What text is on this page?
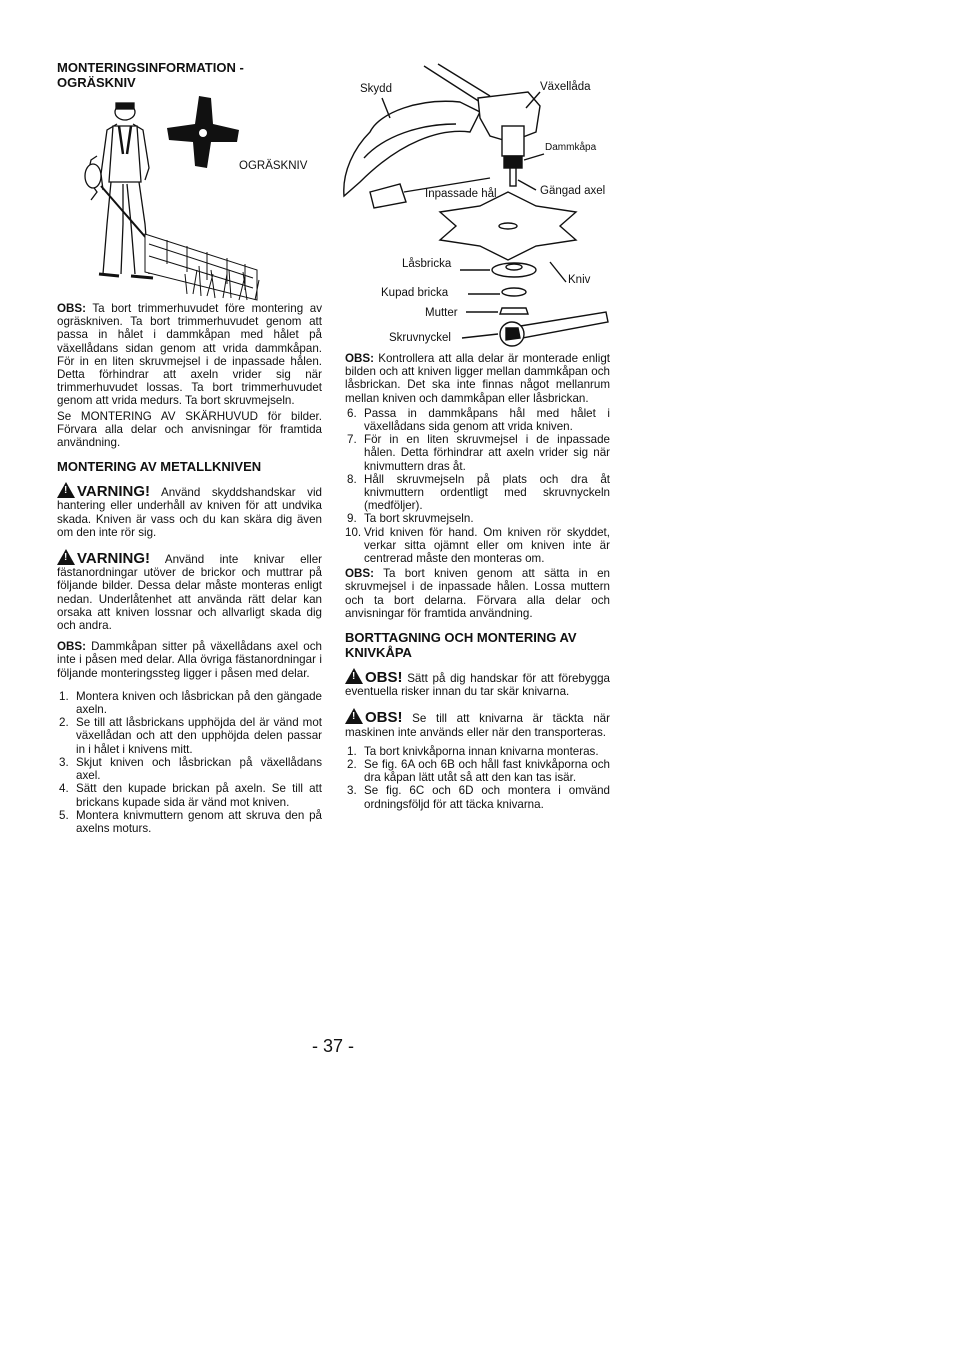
MONTERINGSINFORMATION - OGRÄSKNIV
OGRÄSKNIV

OBS: Ta bort trimmerhuvudet före montering av ogräskniven. Ta bort trimmerhuvudet genom att passa in hålet i dammkåpan med hålet på växellådans sidan genom att vrida dammkåpan. För in en liten skruvmejsel i de inpassade hålen. Detta förhindrar att axeln vrider sig när trimmerhuvudet lossas. Ta bort trimmerhuvudet genom att vrida medurs. Ta bort skruvmejseln.

Se MONTERING AV SKÄRHUVUD för bilder. Förvara alla delar och anvisningar för framtida användning.

MONTERING AV METALLKNIVEN
!VARNING! Använd skyddshandskar vid hantering eller underhåll av kniven för att undvika skada. Kniven är vass och du kan skära dig även om den inte rör sig.
!VARNING! Använd inte knivar eller fästanordningar utöver de brickor och muttrar på följande bilder. Dessa delar måste monteras enligt nedan. Underlåtenhet att använda rätt delar kan orsaka att kniven lossnar och allvarligt skada dig och andra.

OBS: Dammkåpan sitter på växellådans axel och inte i påsen med delar. Alla övriga fästanordningar i följande monteringssteg ligger i påsen med delar.

1. Montera kniven och låsbrickan på den gängade axeln.
2. Se till att låsbrickans upphöjda del är vänd mot växellådan och att den upphöjda delen passar in i hålet i knivens mitt.
3. Skjut kniven och låsbrickan på växellådans axel.
4. Sätt den kupade brickan på axeln. Se till att brickans kupade sida är vänd mot kniven.
5. Montera knivmuttern genom att skruva den på axelns moturs.
Skydd	Växellåda
Dammkåpa
Inpassade hål	Gängad axel
Låsbricka
Kniv
Kupad bricka
Mutter
Skruvnyckel

OBS: Kontrollera att alla delar är monterade enligt bilden och att kniven ligger mellan dammkåpan och låsbrickan. Det ska inte finnas något mellanrum mellan kniven och dammkåpan eller låsbrickan.

6. Passa in dammkåpans hål med hålet i växellådans sida genom att vrida kniven.
7. För in en liten skruvmejsel i de inpassade hålen. Detta förhindrar att axeln vrider sig när knivmuttern dras åt.
8. Håll skruvmejseln på plats och dra åt knivmuttern ordentligt med skruvnyckeln (medföljer).
9. Ta bort skruvmejseln.
10. Vrid kniven för hand. Om kniven rör skyddet, verkar sitta ojämnt eller om kniven inte är centrerad måste den monteras om.

OBS: Ta bort kniven genom att sätta in en skruvmejsel i de inpassade hålen. Lossa muttern och ta bort delarna. Förvara alla delar och anvisningar för framtida användning.

BORTTAGNING OCH MONTERING AV KNIVKÅPA
!OBS! Sätt på dig handskar för att förebygga eventuella risker innan du tar skär knivarna.
!OBS! Se till att knivarna är täckta när maskinen inte används eller när den transporteras.
1. Ta bort knivkåporna innan knivarna monteras.
2. Se fig. 6A och 6B och håll fast knivkåporna och dra kåpan lätt utåt så att den kan tas isär.
3. Se fig. 6C och 6D och montera i omvänd ordningsföljd för att täcka knivarna.
- 37 -
